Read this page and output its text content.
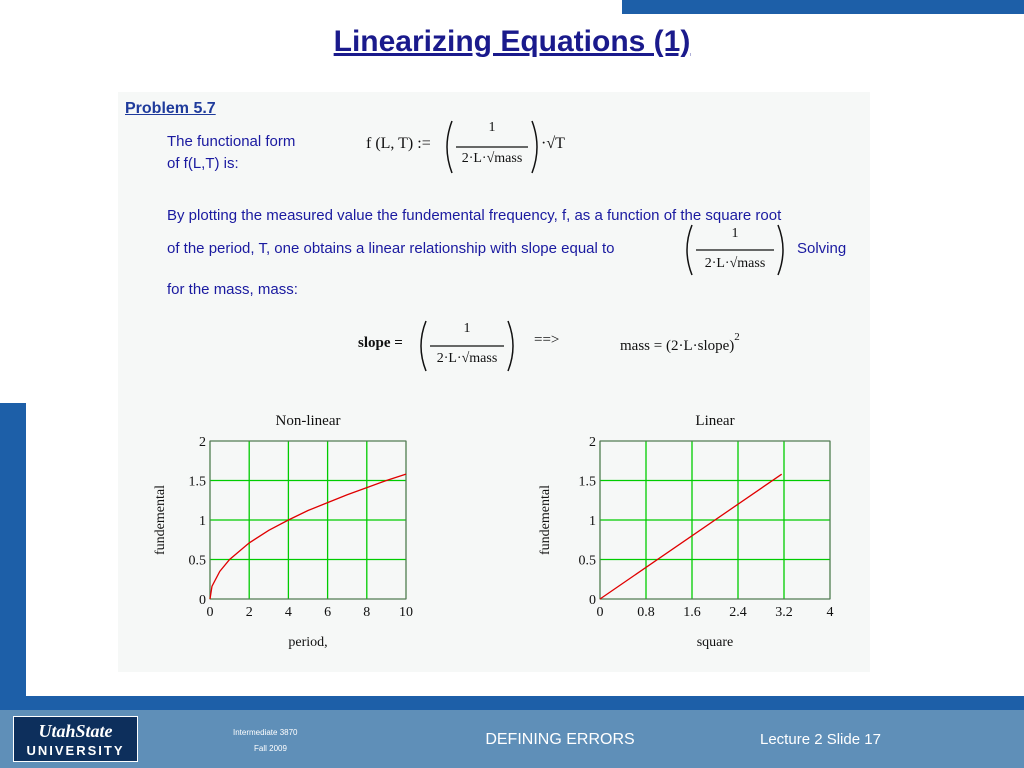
Linearizing Equations (1)
Problem 5.7
The functional form
of f(L,T) is:
f (L, T) :=
1
2·L·√mass
·√T
By plotting the measured value the fundemental frequency, f, as a function of the square root
of the period, T, one obtains a linear relationship with slope equal to
1
2·L·√mass
Solving
for the mass, mass:
slope =
1
2·L·√mass
==>	mass = (2·L·slope)$^2$
Non-linear
0 2 4 6 8 10
0
0.5
1
1.5
2
period,
fundemental
Linear
0 0.8 1.6 2.4 3.2 4
0
0.5
1
1.5
2
square
fundemental
UtahState
UNIVERSITY
Intermediate 3870
Fall 2009
DEFINING ERRORS	Lecture 2 Slide 17
